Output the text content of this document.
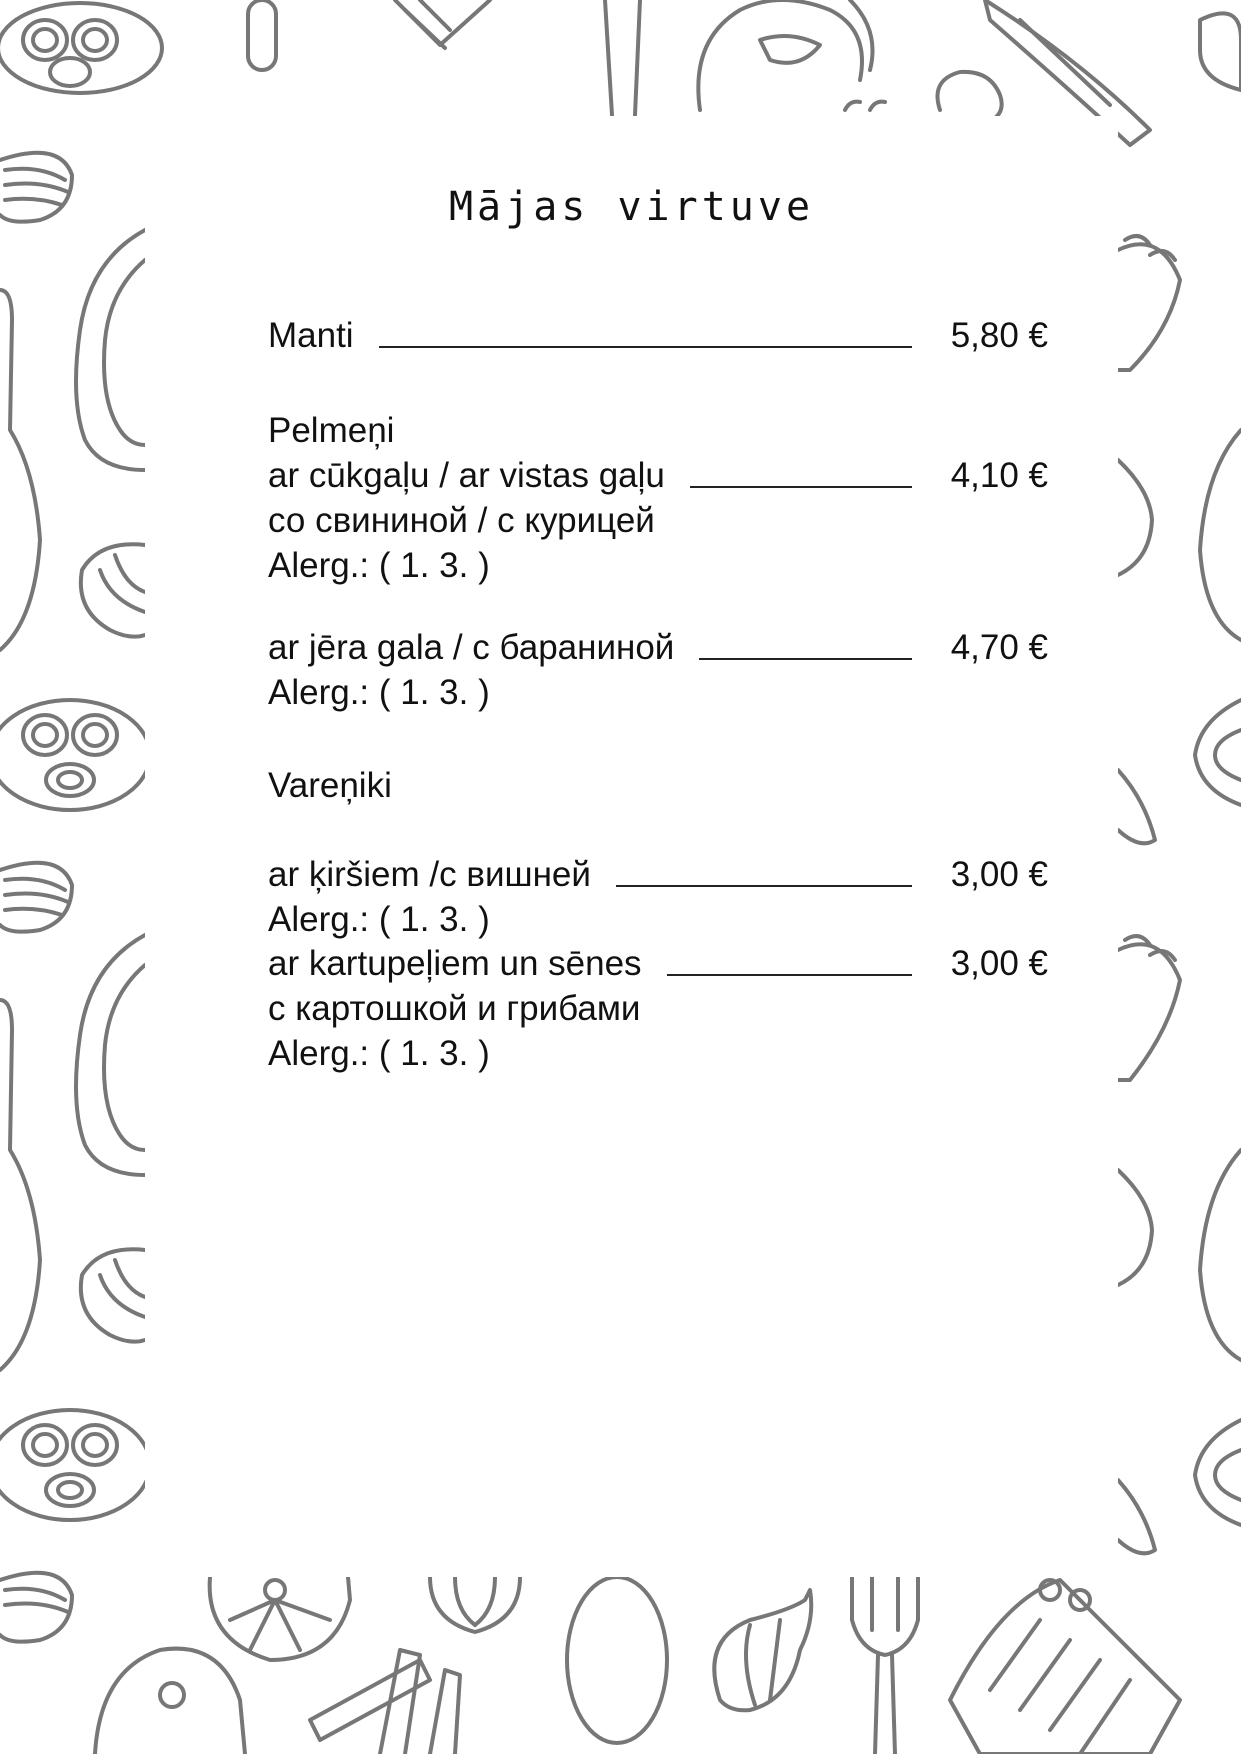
Mājas virtuve
Manti	5,80 €
Pelmeņi
ar cūkgaļu / ar vistas gaļu	4,10 €
со свининой / с курицей
Alerg.: ( 1. 3. )
ar jēra gala / с бараниной	4,70 €
Alerg.: ( 1. 3. )
Vareņiki
ar ķiršiem /с вишней	3,00 €
Alerg.: ( 1. 3. )
ar kartupeļiem un sēnes	3,00 €
с картошкой и грибами
Alerg.: ( 1. 3. )
